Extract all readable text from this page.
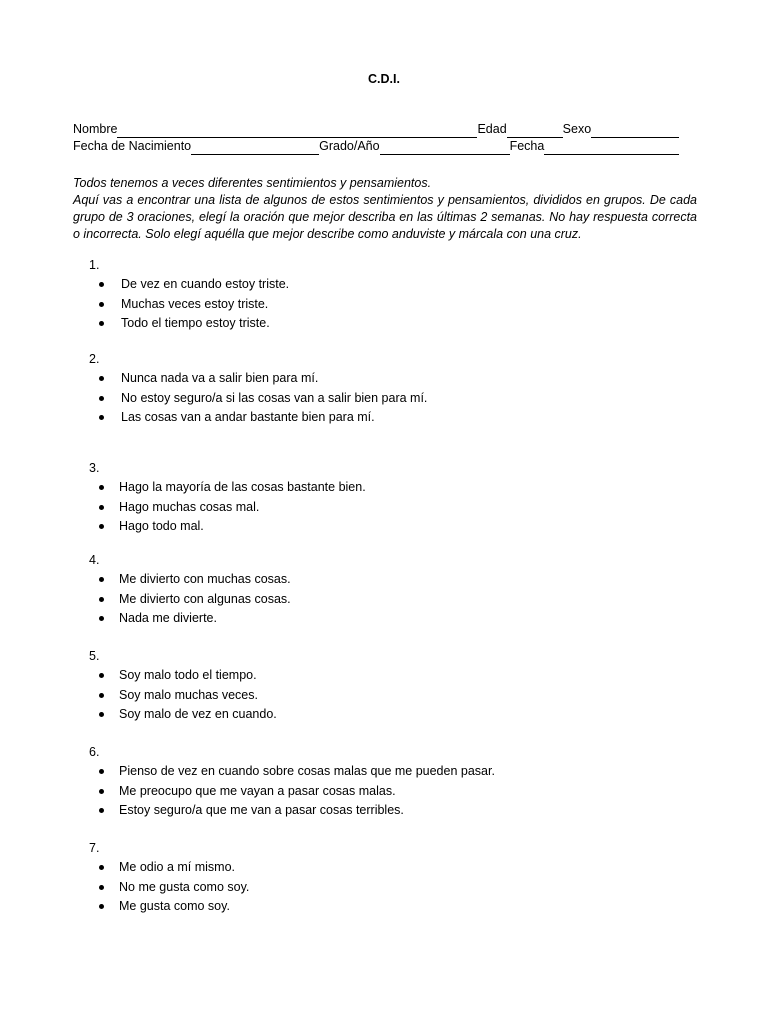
C.D.I.
Nombre	Edad	Sexo
Fecha de Nacimiento	Grado/Año	Fecha

Todos tenemos a veces diferentes sentimientos y pensamientos.

Aquí vas a encontrar una lista de algunos de estos sentimientos y pensamientos, divididos en grupos. De cada grupo de 3 oraciones, elegí la oración que mejor describa en las últimas 2 semanas. No hay respuesta correcta o incorrecta. Solo elegí aquélla que mejor describe como anduviste y márcala con una cruz.

1.
De vez en cuando estoy triste.
Muchas veces estoy triste.
Todo el tiempo estoy triste.
2.
Nunca nada va a salir bien para mí.
No estoy seguro/a si las cosas van a salir bien para mí.
Las cosas van a andar bastante bien para mí.
3.
Hago la mayoría de las cosas bastante bien.
Hago muchas cosas mal.
Hago todo mal.
4.
Me divierto con muchas cosas.
Me divierto con algunas cosas.
Nada me divierte.
5.
Soy malo todo el tiempo.
Soy malo muchas veces.
Soy malo de vez en cuando.
6.
Pienso de vez en cuando sobre cosas malas que me pueden pasar.
Me preocupo que me vayan a pasar cosas malas.
Estoy seguro/a que me van a pasar cosas terribles.
7.
Me odio a mí mismo.
No me gusta como soy.
Me gusta como soy.
